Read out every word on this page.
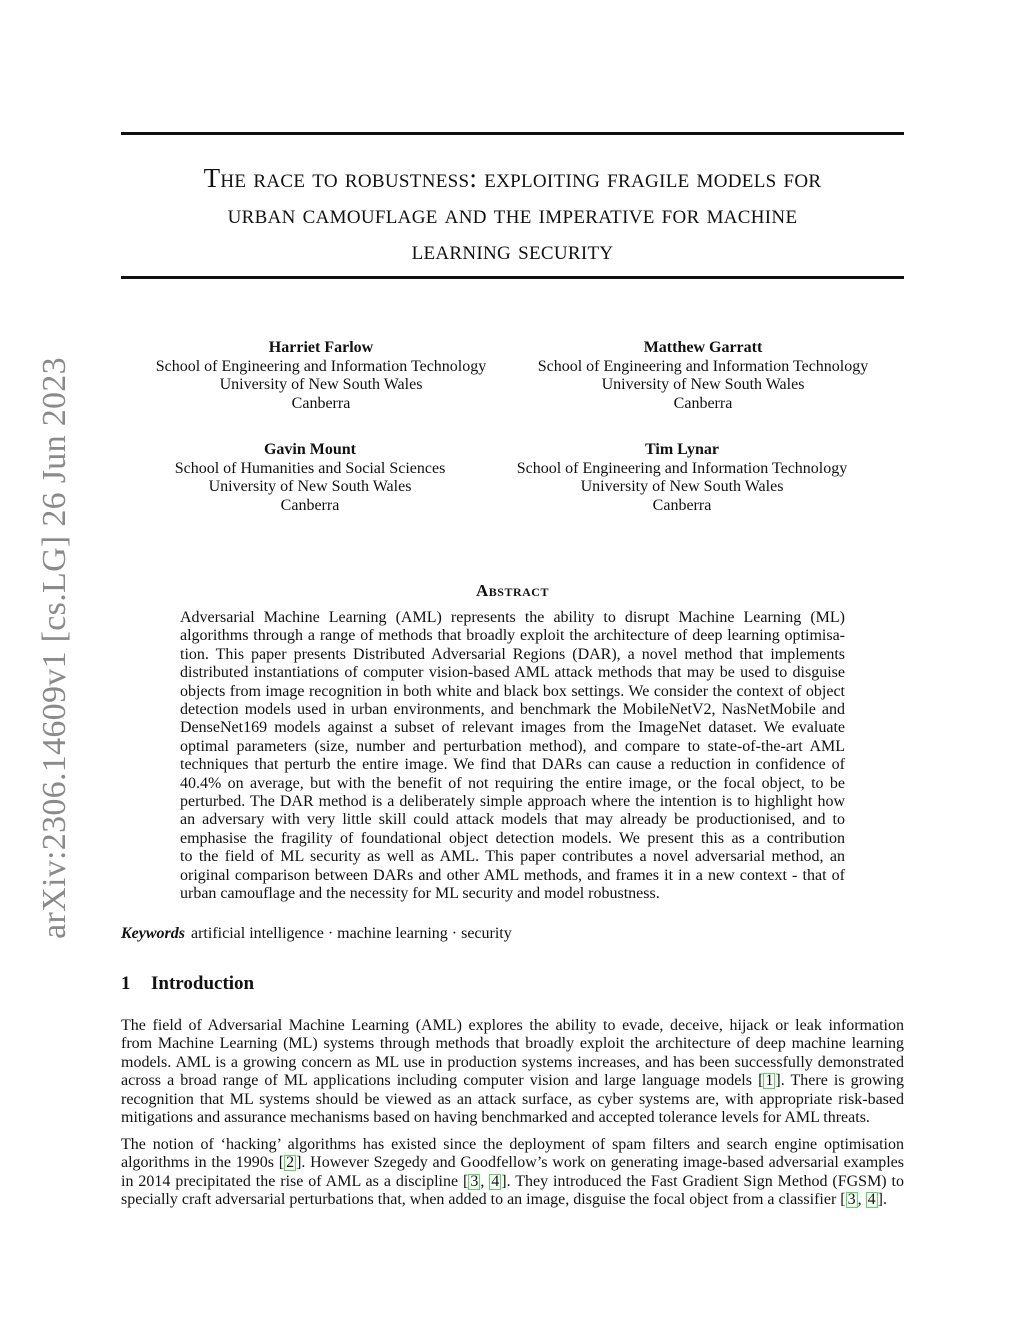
arXiv:2306.14609v1 [cs.LG] 26 Jun 2023
The race to robustness: exploiting fragile models for
urban camouflage and the imperative for machine
learning security
Harriet Farlow
School of Engineering and Information Technology
University of New South Wales
Canberra
Matthew Garratt
School of Engineering and Information Technology
University of New South Wales
Canberra
Gavin Mount
School of Humanities and Social Sciences
University of New South Wales
Canberra
Tim Lynar
School of Engineering and Information Technology
University of New South Wales
Canberra
Abstract
Adversarial Machine Learning (AML) represents the ability to disrupt Machine Learning (ML)
algorithms through a range of methods that broadly exploit the architecture of deep learning optimisa-
tion. This paper presents Distributed Adversarial Regions (DAR), a novel method that implements
distributed instantiations of computer vision-based AML attack methods that may be used to disguise
objects from image recognition in both white and black box settings. We consider the context of object
detection models used in urban environments, and benchmark the MobileNetV2, NasNetMobile and
DenseNet169 models against a subset of relevant images from the ImageNet dataset. We evaluate
optimal parameters (size, number and perturbation method), and compare to state-of-the-art AML
techniques that perturb the entire image. We find that DARs can cause a reduction in confidence of
40.4% on average, but with the benefit of not requiring the entire image, or the focal object, to be
perturbed. The DAR method is a deliberately simple approach where the intention is to highlight how
an adversary with very little skill could attack models that may already be productionised, and to
emphasise the fragility of foundational object detection models. We present this as a contribution
to the field of ML security as well as AML. This paper contributes a novel adversarial method, an
original comparison between DARs and other AML methods, and frames it in a new context - that of
urban camouflage and the necessity for ML security and model robustness.
Keywords artificial intelligence · machine learning · security
1 Introduction
The field of Adversarial Machine Learning (AML) explores the ability to evade, deceive, hijack or leak information
from Machine Learning (ML) systems through methods that broadly exploit the architecture of deep machine learning
models. AML is a growing concern as ML use in production systems increases, and has been successfully demonstrated
across a broad range of ML applications including computer vision and large language models [ 1 ]. There is growing
recognition that ML systems should be viewed as an attack surface, as cyber systems are, with appropriate risk-based
mitigations and assurance mechanisms based on having benchmarked and accepted tolerance levels for AML threats.
The notion of ‘hacking’ algorithms has existed since the deployment of spam filters and search engine optimisation
algorithms in the 1990s [ 2 ]. However Szegedy and Goodfellow’s work on generating image-based adversarial examples
in 2014 precipitated the rise of AML as a discipline [ 3 , 4 ]. They introduced the Fast Gradient Sign Method (FGSM) to
specially craft adversarial perturbations that, when added to an image, disguise the focal object from a classifier [ 3 , 4 ].
